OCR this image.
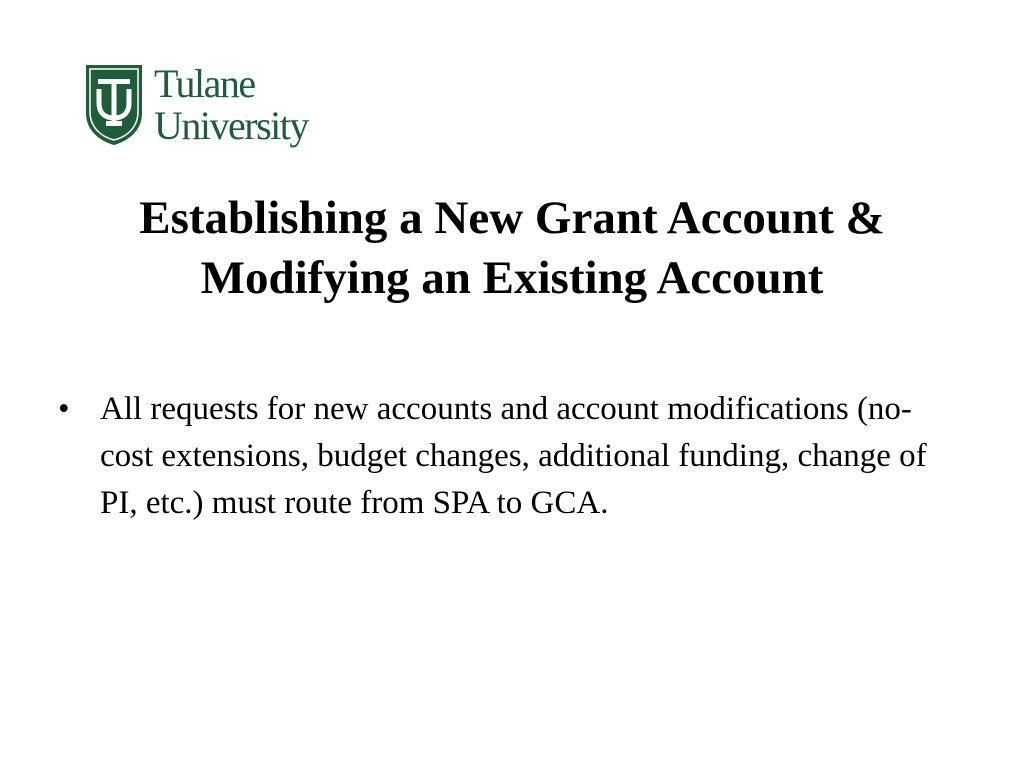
Tulane
University
Establishing a New Grant Account &
Modifying an Existing Account
• All requests for new accounts and account modifications (no-cost extensions, budget changes, additional funding, change of PI, etc.) must route from SPA to GCA.
